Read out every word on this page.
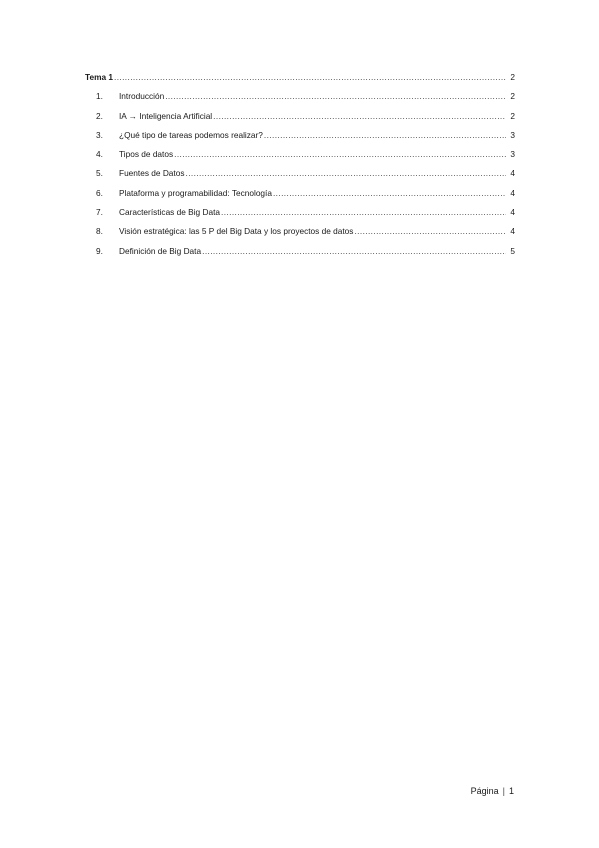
Tema 1 .....	2
1.	Introducción .....	2
2.	IA → Inteligencia Artificial .....	2
3.	¿Qué tipo de tareas podemos realizar? .....	3
4.	Tipos de datos .....	3
5.	Fuentes de Datos .....	4
6.	Plataforma y programabilidad: Tecnología .....	4
7.	Características de Big Data .....	4
8.	Visión estratégica: las 5 P del Big Data y los proyectos de datos .....	4
9.	Definición de Big Data .....	5
Página | 1
